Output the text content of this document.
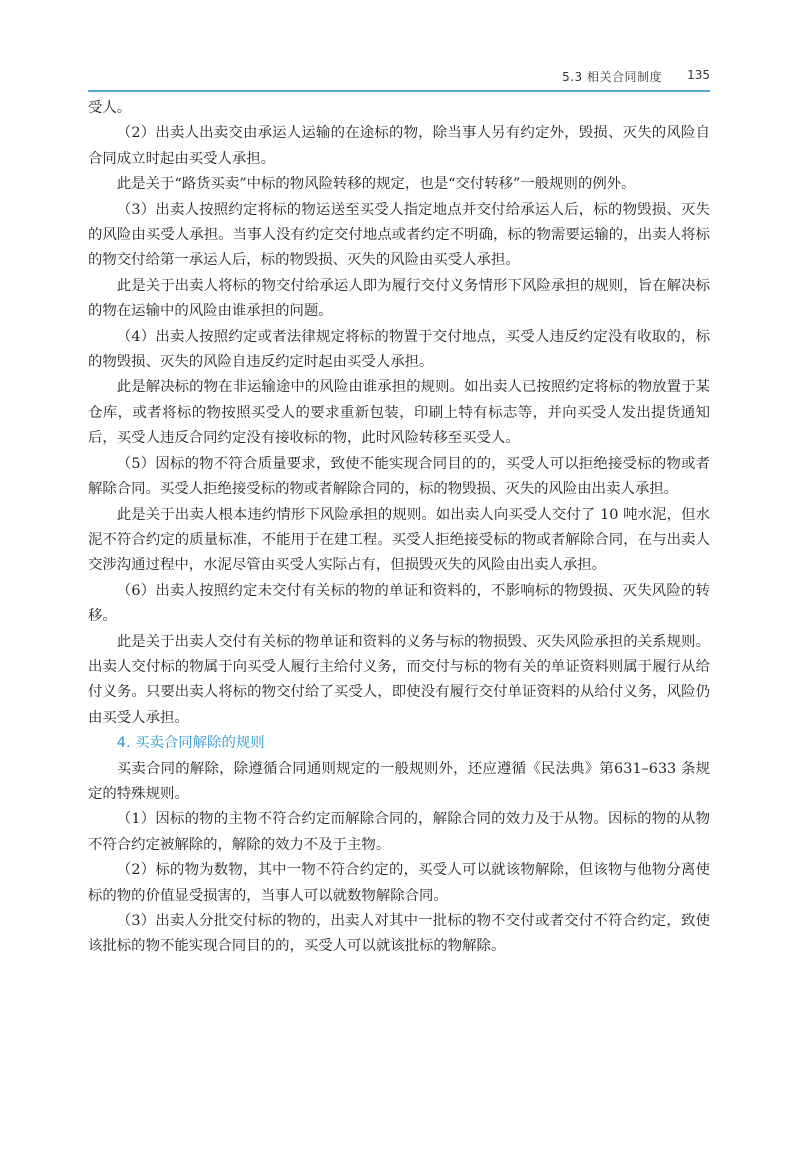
5.3 相关合同制度 135

受人。

（2）出卖人出卖交由承运人运输的在途标的物，除当事人另有约定外，毁损、灭失的风险自合同成立时起由买受人承担。

此是关于“路货买卖”中标的物风险转移的规定，也是“交付转移”一般规则的例外。

（3）出卖人按照约定将标的物运送至买受人指定地点并交付给承运人后，标的物毁损、灭失的风险由买受人承担。当事人没有约定交付地点或者约定不明确，标的物需要运输的，出卖人将标的物交付给第一承运人后，标的物毁损、灭失的风险由买受人承担。

此是关于出卖人将标的物交付给承运人即为履行交付义务情形下风险承担的规则，旨在解决标的物在运输中的风险由谁承担的问题。

（4）出卖人按照约定或者法律规定将标的物置于交付地点，买受人违反约定没有收取的，标的物毁损、灭失的风险自违反约定时起由买受人承担。

此是解决标的物在非运输途中的风险由谁承担的规则。如出卖人已按照约定将标的物放置于某仓库，或者将标的物按照买受人的要求重新包装，印刷上特有标志等，并向买受人发出提货通知后，买受人违反合同约定没有接收标的物，此时风险转移至买受人。

（5）因标的物不符合质量要求，致使不能实现合同目的的，买受人可以拒绝接受标的物或者解除合同。买受人拒绝接受标的物或者解除合同的，标的物毁损、灭失的风险由出卖人承担。

此是关于出卖人根本违约情形下风险承担的规则。如出卖人向买受人交付了 10 吨水泥，但水泥不符合约定的质量标准，不能用于在建工程。买受人拒绝接受标的物或者解除合同，在与出卖人交涉沟通过程中，水泥尽管由买受人实际占有，但损毁灭失的风险由出卖人承担。

（6）出卖人按照约定未交付有关标的物的单证和资料的，不影响标的物毁损、灭失风险的转移。

此是关于出卖人交付有关标的物单证和资料的义务与标的物损毁、灭失风险承担的关系规则。出卖人交付标的物属于向买受人履行主给付义务，而交付与标的物有关的单证资料则属于履行从给付义务。只要出卖人将标的物交付给了买受人，即使没有履行交付单证资料的从给付义务，风险仍由买受人承担。

4. 买卖合同解除的规则

买卖合同的解除，除遵循合同通则规定的一般规则外，还应遵循《民法典》第631–633 条规定的特殊规则。

（1）因标的物的主物不符合约定而解除合同的，解除合同的效力及于从物。因标的物的从物不符合约定被解除的，解除的效力不及于主物。

（2）标的物为数物，其中一物不符合约定的，买受人可以就该物解除，但该物与他物分离使标的物的价值显受损害的，当事人可以就数物解除合同。

（3）出卖人分批交付标的物的，出卖人对其中一批标的物不交付或者交付不符合约定，致使该批标的物不能实现合同目的的，买受人可以就该批标的物解除。
